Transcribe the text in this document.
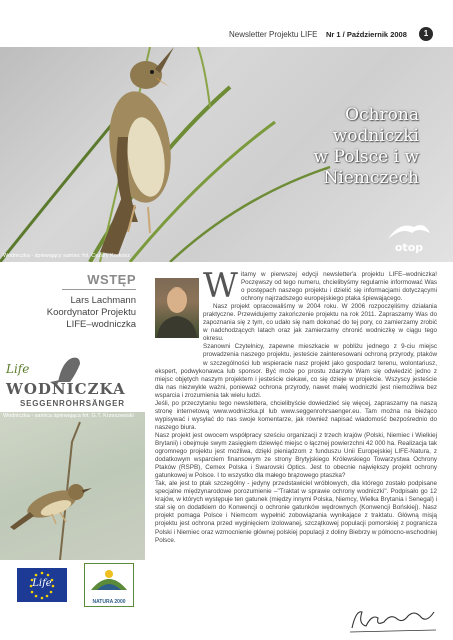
Newsletter Projektu LIFE Nr 1 / Październik 2008	1
Ochrona
wodniczki
w Polsce i w
Niemczech
otop
Wodniczka - śpiewający samiec fot. Cezary Korkosz
WSTĘP
Lars Lachmann
Koordynator Projektu
LIFE–wodniczka
Life
WODNICZKA
SEGGENROHRSÄNGER
Wodniczka - samica śpiewająca fot. G.T. Krzeszewski
Life
NATURA 2000
W itamy w pierwszej edycji newsletter'a projektu LIFE–wodniczka! Poczęwszy od tego numeru, chcielibyśmy regularnie informować Was o postępach naszego projektu i dzielić się informacjami dotyczącymi ochrony najrzadszego europejskiego ptaka śpiewającego.

Nasz projekt opracowaliśmy w 2004 roku. W 2006 rozpoczęliśmy działania praktyczne. Przewidujemy zakończenie projektu na rok 2011. Zapraszamy Was do zapoznania się z tym, co udało się nam dokonać do tej pory, co zamierzamy zrobić w nadchodzących latach oraz jak zamierzamy chronić wodniczkę w ciągu tego okresu.

Szanowni Czytelnicy, zapewne mieszkacie w pobliżu jednego z 9-ciu miejsc prowadzenia naszego projektu, jesteście zainteresowani ochroną przyrody, ptaków w szczególności lub wspieracie nasz projekt jako gospodarz terenu, wolontariusz, ekspert, podwykonawca lub sponsor. Być może po prostu zdarzyło Wam się odwiedzić jedno z miejsc objętych naszym projektem i jesteście ciekawi, co się dzieje w projekcie. Wszyscy jesteście dla nas niezwykle ważni, ponieważ ochrona przyrody, nawet małej wodniczki jest niemożliwa bez wsparcia i zrozumienia tak wielu ludzi.

Jeśli, po przeczytaniu tego newslettera, chcielibyście dowiedzieć się więcej, zapraszamy na naszą stronę internetową www.wodniczka.pl lub www.seggenrohrsaenger.eu. Tam można na bieżąco wypisywać i wysyłać do nas swoje komentarze, jak również napisać wiadomość bezpośrednio do naszego biura.

Nasz projekt jest owocem współpracy sześciu organizacji z trzech krajów (Polski, Niemiec i Wielkiej Brytanii) i obejmuje swym zasięgiem dziewięć miejsc o łącznej powierzchni 42 000 ha. Realizacja tak ogromnego projektu jest możliwa, dzięki pieniądzom z funduszu Unii Europejskiej LIFE-Natura, z dodatkowym wsparciem finansowym ze strony Brytyjskiego Królewskiego Towarzystwa Ochrony Ptaków (RSPB), Cemex Polska i Swarovski Optics. Jest to obecnie największy projekt ochrony gatunkowej w Polsce. I to wszystko dla małego brązowego ptaszka?

Tak, ale jest to ptak szczególny - jedyny przedstawiciel wróblowych, dla którego zostało podpisane specjalne międzynarodowe porozumienie –"Traktat w sprawie ochrony wodniczki". Podpisało go 12 krajów, w których występuje ten gatunek (między innymi Polska, Niemcy, Wielka Brytania i Senegal) i stał się on dodatkiem do Konwencji o ochronie gatunków wędrownych (Konwencji Bońskiej). Nasz projekt pomaga Polsce i Niemcom wypełnić zobowiązania wynikające z traktatu. Główną misją projektu jest ochrona przed wyginięciem izolowanej, szczątkowej populacji pomorskiej z pogranicza Polski i Niemiec oraz wzmocnienie głównej polskiej populacji z doliny Biebrzy w północno-wschodniej Polsce.
